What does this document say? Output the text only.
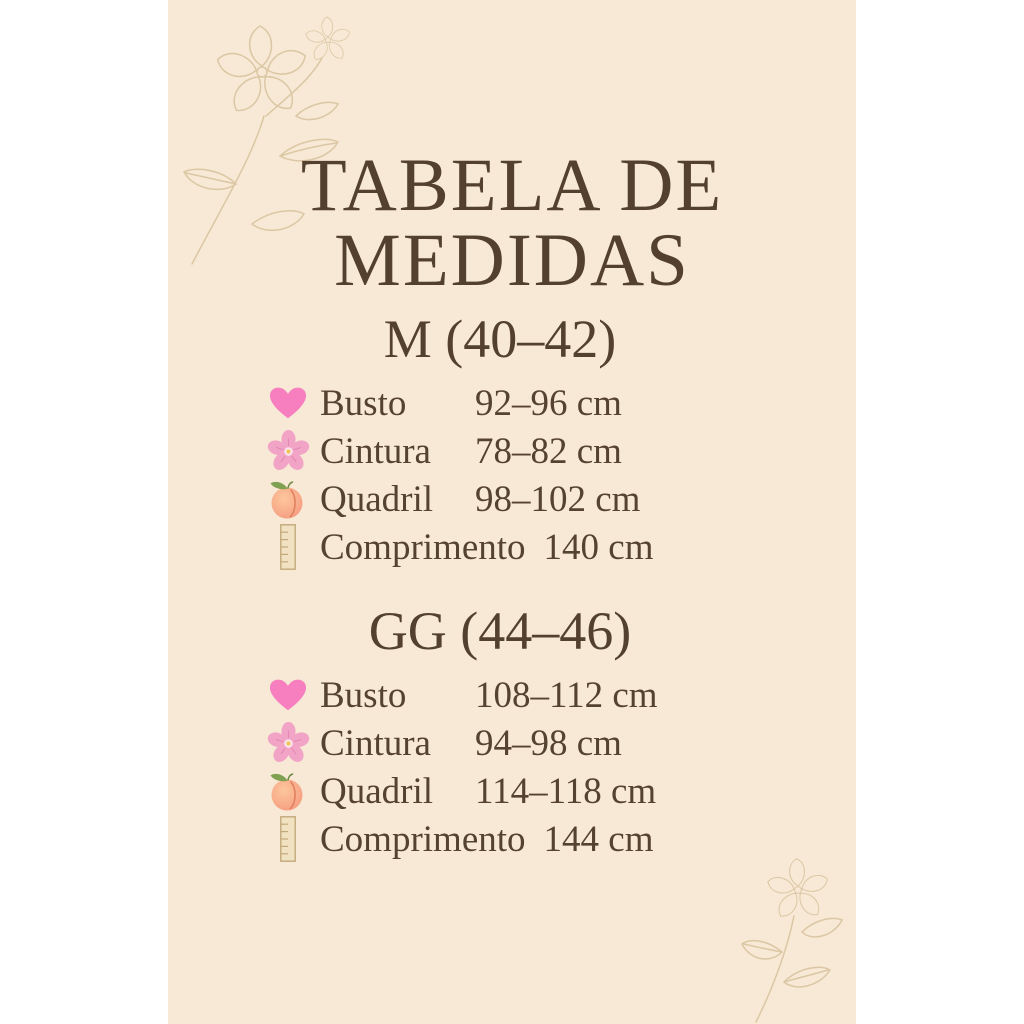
TABELA DE
MEDIDAS
M (40–42)
Busto	92–96 cm
Cintura	78–82 cm
Quadril	98–102 cm
Comprimento 140 cm
GG (44–46)
Busto	108–112 cm
Cintura	94–98 cm
Quadril	114–118 cm
Comprimento 144 cm
